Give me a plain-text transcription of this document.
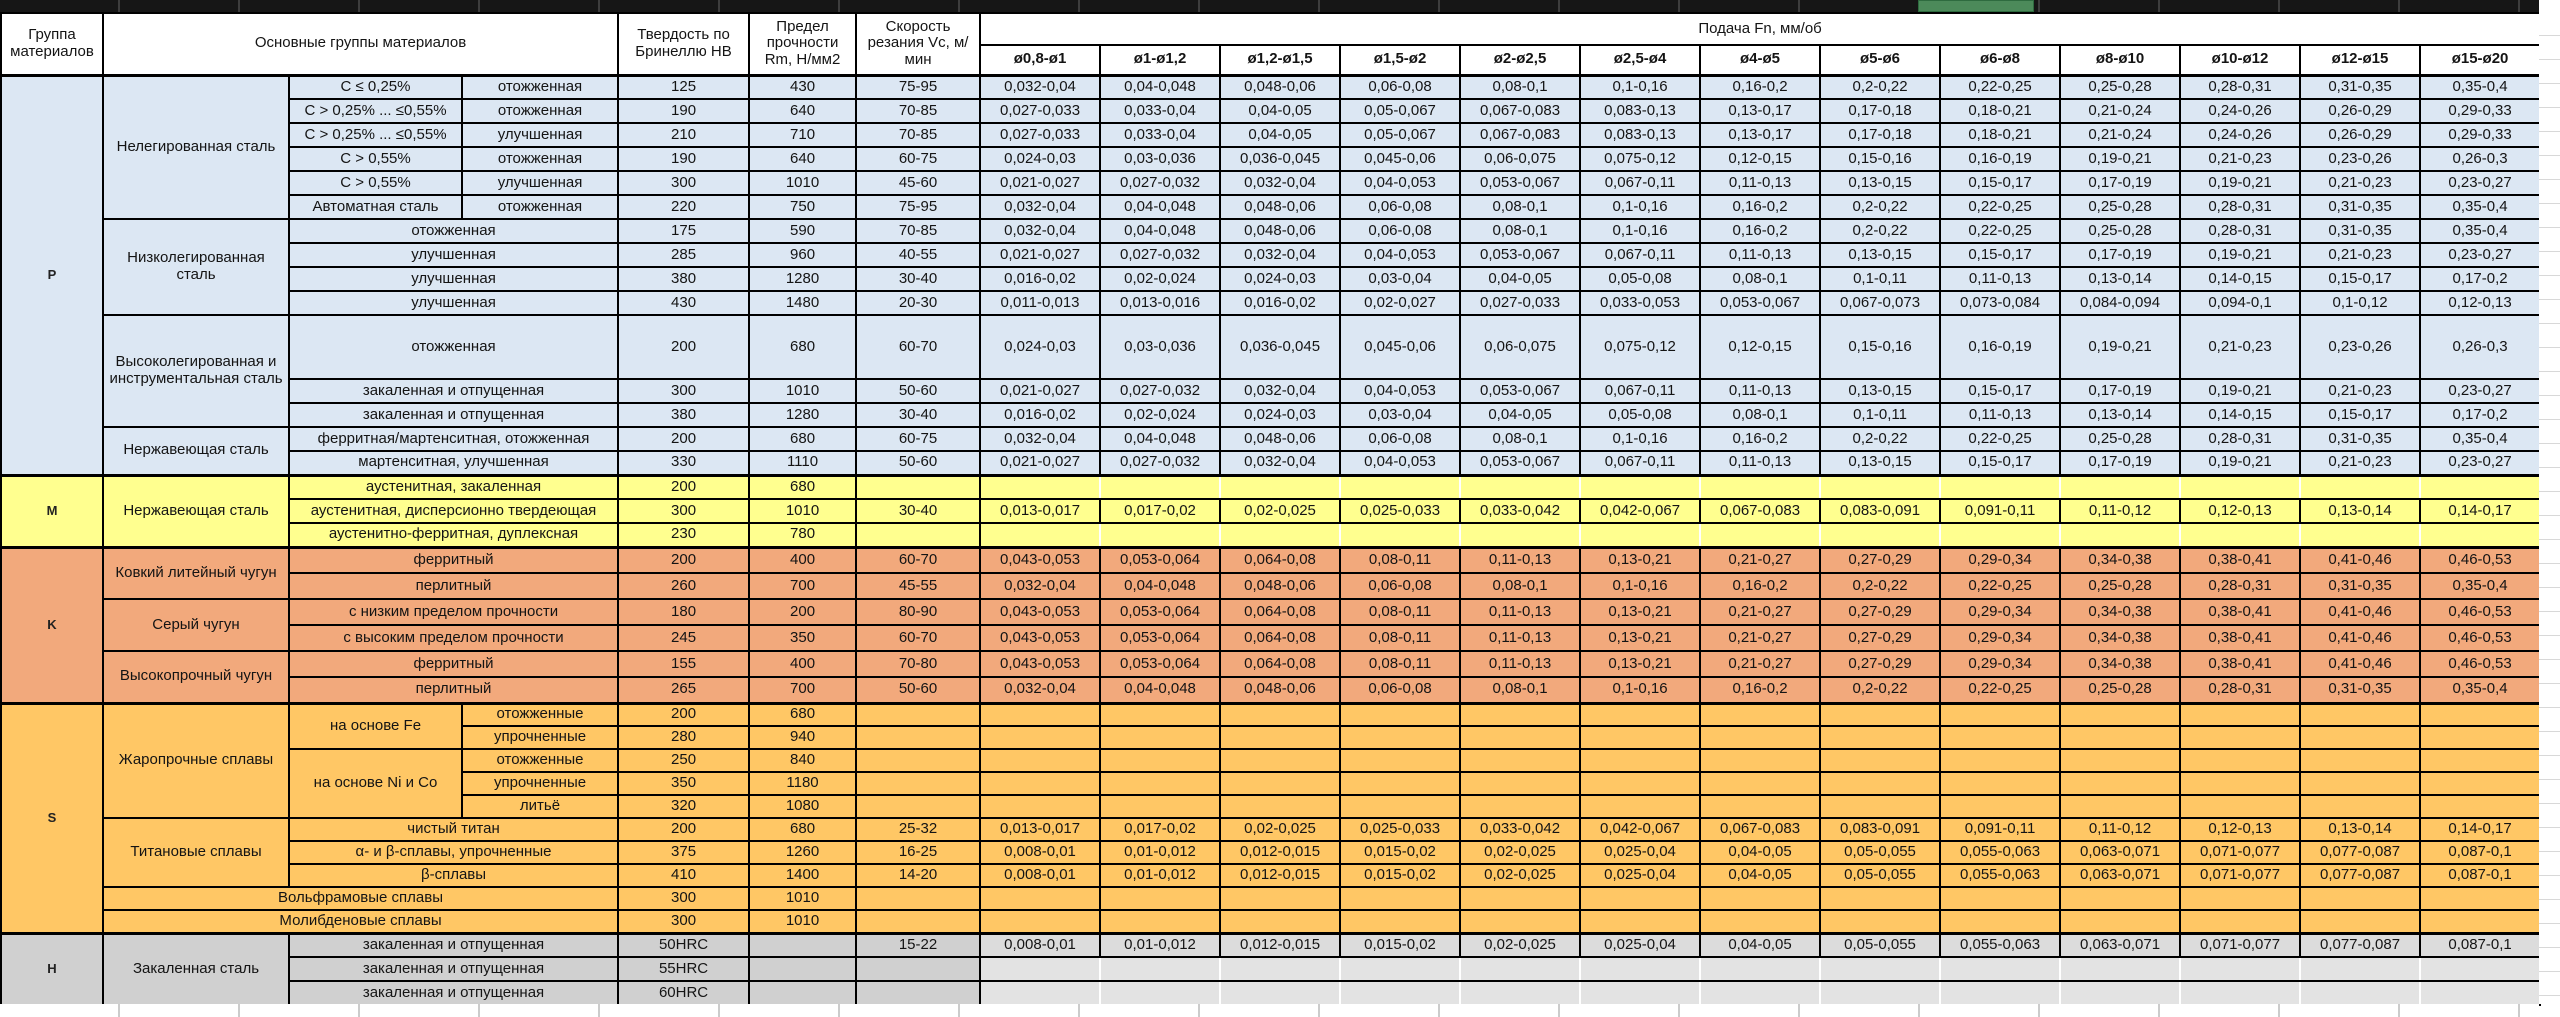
Группа материалов	Основные группы материалов			Твердость по Бринеллю HB	Предел прочности Rm, Н/мм2	Скорость резания Vc, м/мин	Подача Fn, мм/об												
							ø0,8-ø1	ø1-ø1,2	ø1,2-ø1,5	ø1,5-ø2	ø2-ø2,5	ø2,5-ø4	ø4-ø5	ø5-ø6	ø6-ø8	ø8-ø10	ø10-ø12	ø12-ø15	ø15-ø20
P	Нелегированная сталь	C ≤ 0,25%	отожженная	125	430	75-95	0,032-0,04	0,04-0,048	0,048-0,06	0,06-0,08	0,08-0,1	0,1-0,16	0,16-0,2	0,2-0,22	0,22-0,25	0,25-0,28	0,28-0,31	0,31-0,35	0,35-0,4
		C > 0,25% ... ≤0,55%	отожженная	190	640	70-85	0,027-0,033	0,033-0,04	0,04-0,05	0,05-0,067	0,067-0,083	0,083-0,13	0,13-0,17	0,17-0,18	0,18-0,21	0,21-0,24	0,24-0,26	0,26-0,29	0,29-0,33
		C > 0,25% ... ≤0,55%	улучшенная	210	710	70-85	0,027-0,033	0,033-0,04	0,04-0,05	0,05-0,067	0,067-0,083	0,083-0,13	0,13-0,17	0,17-0,18	0,18-0,21	0,21-0,24	0,24-0,26	0,26-0,29	0,29-0,33
		C > 0,55%	отожженная	190	640	60-75	0,024-0,03	0,03-0,036	0,036-0,045	0,045-0,06	0,06-0,075	0,075-0,12	0,12-0,15	0,15-0,16	0,16-0,19	0,19-0,21	0,21-0,23	0,23-0,26	0,26-0,3
		C > 0,55%	улучшенная	300	1010	45-60	0,021-0,027	0,027-0,032	0,032-0,04	0,04-0,053	0,053-0,067	0,067-0,11	0,11-0,13	0,13-0,15	0,15-0,17	0,17-0,19	0,19-0,21	0,21-0,23	0,23-0,27
		Автоматная сталь	отожженная	220	750	75-95	0,032-0,04	0,04-0,048	0,048-0,06	0,06-0,08	0,08-0,1	0,1-0,16	0,16-0,2	0,2-0,22	0,22-0,25	0,25-0,28	0,28-0,31	0,31-0,35	0,35-0,4
	Низколегированная сталь	отожженная		175	590	70-85	0,032-0,04	0,04-0,048	0,048-0,06	0,06-0,08	0,08-0,1	0,1-0,16	0,16-0,2	0,2-0,22	0,22-0,25	0,25-0,28	0,28-0,31	0,31-0,35	0,35-0,4
		улучшенная		285	960	40-55	0,021-0,027	0,027-0,032	0,032-0,04	0,04-0,053	0,053-0,067	0,067-0,11	0,11-0,13	0,13-0,15	0,15-0,17	0,17-0,19	0,19-0,21	0,21-0,23	0,23-0,27
		улучшенная		380	1280	30-40	0,016-0,02	0,02-0,024	0,024-0,03	0,03-0,04	0,04-0,05	0,05-0,08	0,08-0,1	0,1-0,11	0,11-0,13	0,13-0,14	0,14-0,15	0,15-0,17	0,17-0,2
		улучшенная		430	1480	20-30	0,011-0,013	0,013-0,016	0,016-0,02	0,02-0,027	0,027-0,033	0,033-0,053	0,053-0,067	0,067-0,073	0,073-0,084	0,084-0,094	0,094-0,1	0,1-0,12	0,12-0,13
	Высоколегированная и инструментальная сталь	отожженная		200	680	60-70	0,024-0,03	0,03-0,036	0,036-0,045	0,045-0,06	0,06-0,075	0,075-0,12	0,12-0,15	0,15-0,16	0,16-0,19	0,19-0,21	0,21-0,23	0,23-0,26	0,26-0,3
		закаленная и отпущенная		300	1010	50-60	0,021-0,027	0,027-0,032	0,032-0,04	0,04-0,053	0,053-0,067	0,067-0,11	0,11-0,13	0,13-0,15	0,15-0,17	0,17-0,19	0,19-0,21	0,21-0,23	0,23-0,27
		закаленная и отпущенная		380	1280	30-40	0,016-0,02	0,02-0,024	0,024-0,03	0,03-0,04	0,04-0,05	0,05-0,08	0,08-0,1	0,1-0,11	0,11-0,13	0,13-0,14	0,14-0,15	0,15-0,17	0,17-0,2
	Нержавеющая сталь	ферритная/мартенситная, отожженная		200	680	60-75	0,032-0,04	0,04-0,048	0,048-0,06	0,06-0,08	0,08-0,1	0,1-0,16	0,16-0,2	0,2-0,22	0,22-0,25	0,25-0,28	0,28-0,31	0,31-0,35	0,35-0,4
		мартенситная, улучшенная		330	1110	50-60	0,021-0,027	0,027-0,032	0,032-0,04	0,04-0,053	0,053-0,067	0,067-0,11	0,11-0,13	0,13-0,15	0,15-0,17	0,17-0,19	0,19-0,21	0,21-0,23	0,23-0,27
M	Нержавеющая сталь	аустенитная, закаленная		200	680														
		аустенитная, дисперсионно твердеющая		300	1010	30-40	0,013-0,017	0,017-0,02	0,02-0,025	0,025-0,033	0,033-0,042	0,042-0,067	0,067-0,083	0,083-0,091	0,091-0,11	0,11-0,12	0,12-0,13	0,13-0,14	0,14-0,17
		аустенитно-ферритная, дуплексная		230	780														
K	Ковкий литейный чугун	ферритный		200	400	60-70	0,043-0,053	0,053-0,064	0,064-0,08	0,08-0,11	0,11-0,13	0,13-0,21	0,21-0,27	0,27-0,29	0,29-0,34	0,34-0,38	0,38-0,41	0,41-0,46	0,46-0,53
		перлитный		260	700	45-55	0,032-0,04	0,04-0,048	0,048-0,06	0,06-0,08	0,08-0,1	0,1-0,16	0,16-0,2	0,2-0,22	0,22-0,25	0,25-0,28	0,28-0,31	0,31-0,35	0,35-0,4
	Серый чугун	с низким пределом прочности		180	200	80-90	0,043-0,053	0,053-0,064	0,064-0,08	0,08-0,11	0,11-0,13	0,13-0,21	0,21-0,27	0,27-0,29	0,29-0,34	0,34-0,38	0,38-0,41	0,41-0,46	0,46-0,53
		с высоким пределом прочности		245	350	60-70	0,043-0,053	0,053-0,064	0,064-0,08	0,08-0,11	0,11-0,13	0,13-0,21	0,21-0,27	0,27-0,29	0,29-0,34	0,34-0,38	0,38-0,41	0,41-0,46	0,46-0,53
	Высокопрочный чугун	ферритный		155	400	70-80	0,043-0,053	0,053-0,064	0,064-0,08	0,08-0,11	0,11-0,13	0,13-0,21	0,21-0,27	0,27-0,29	0,29-0,34	0,34-0,38	0,38-0,41	0,41-0,46	0,46-0,53
		перлитный		265	700	50-60	0,032-0,04	0,04-0,048	0,048-0,06	0,06-0,08	0,08-0,1	0,1-0,16	0,16-0,2	0,2-0,22	0,22-0,25	0,25-0,28	0,28-0,31	0,31-0,35	0,35-0,4
S	Жаропрочные сплавы	на основе Fe	отожженные	200	680														
			упрочненные	280	940														
		на основе Ni и Co	отожженные	250	840														
			упрочненные	350	1180														
			литьё	320	1080														
	Титановые сплавы	чистый титан		200	680	25-32	0,013-0,017	0,017-0,02	0,02-0,025	0,025-0,033	0,033-0,042	0,042-0,067	0,067-0,083	0,083-0,091	0,091-0,11	0,11-0,12	0,12-0,13	0,13-0,14	0,14-0,17
		α- и β-сплавы, упрочненные		375	1260	16-25	0,008-0,01	0,01-0,012	0,012-0,015	0,015-0,02	0,02-0,025	0,025-0,04	0,04-0,05	0,05-0,055	0,055-0,063	0,063-0,071	0,071-0,077	0,077-0,087	0,087-0,1
		β-сплавы		410	1400	14-20	0,008-0,01	0,01-0,012	0,012-0,015	0,015-0,02	0,02-0,025	0,025-0,04	0,04-0,05	0,05-0,055	0,055-0,063	0,063-0,071	0,071-0,077	0,077-0,087	0,087-0,1
	Вольфрамовые сплавы			300	1010														
	Молибденовые сплавы			300	1010														
H	Закаленная сталь	закаленная и отпущенная		50HRC		15-22	0,008-0,01	0,01-0,012	0,012-0,015	0,015-0,02	0,02-0,025	0,025-0,04	0,04-0,05	0,05-0,055	0,055-0,063	0,063-0,071	0,071-0,077	0,077-0,087	0,087-0,1
		закаленная и отпущенная		55HRC															
		закаленная и отпущенная		60HRC															
